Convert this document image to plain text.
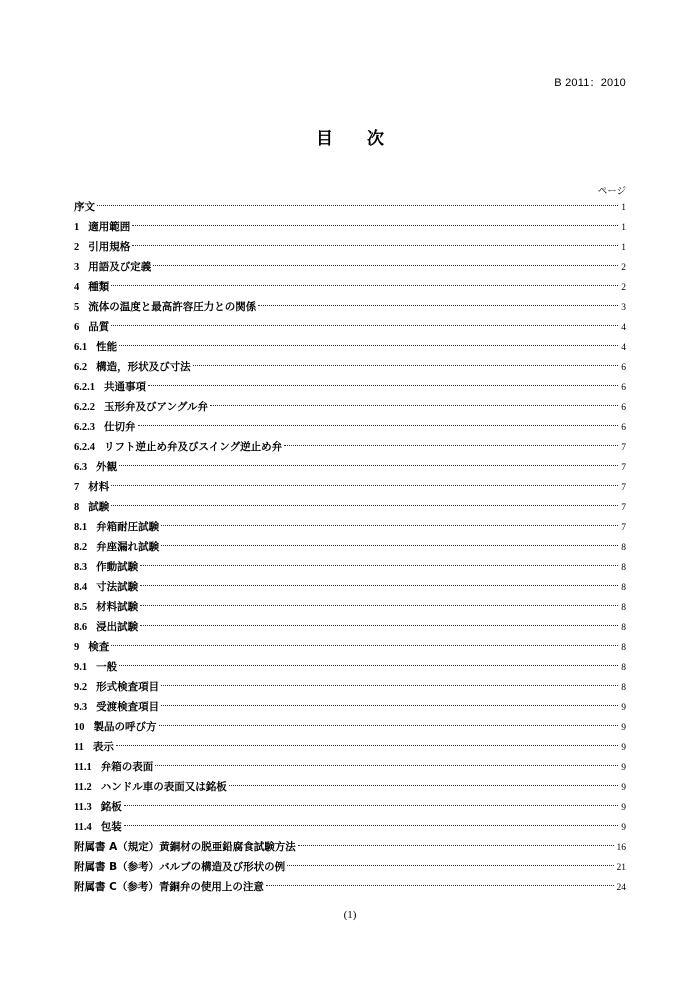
B 2011：2010
目 次
ページ
序文	1
1 適用範囲	1
2 引用規格	1
3 用語及び定義	2
4 種類	2
5 流体の温度と最高許容圧力との関係	3
6 品質	4
6.1 性能	4
6.2 構造，形状及び寸法	6
6.2.1 共通事項	6
6.2.2 玉形弁及びアングル弁	6
6.2.3 仕切弁	6
6.2.4 リフト逆止め弁及びスイング逆止め弁	7
6.3 外観	7
7 材料	7
8 試験	7
8.1 弁箱耐圧試験	7
8.2 弁座漏れ試験	8
8.3 作動試験	8
8.4 寸法試験	8
8.5 材料試験	8
8.6 浸出試験	8
9 検査	8
9.1 一般	8
9.2 形式検査項目	8
9.3 受渡検査項目	9
10 製品の呼び方	9
11 表示	9
11.1 弁箱の表面	9
11.2 ハンドル車の表面又は銘板	9
11.3 銘板	9
11.4 包装	9
附属書 A（規定）黄銅材の脱亜鉛腐食試験方法	16
附属書 B（参考）バルブの構造及び形状の例	21
附属書 C（参考）青銅弁の使用上の注意	24
(1)
